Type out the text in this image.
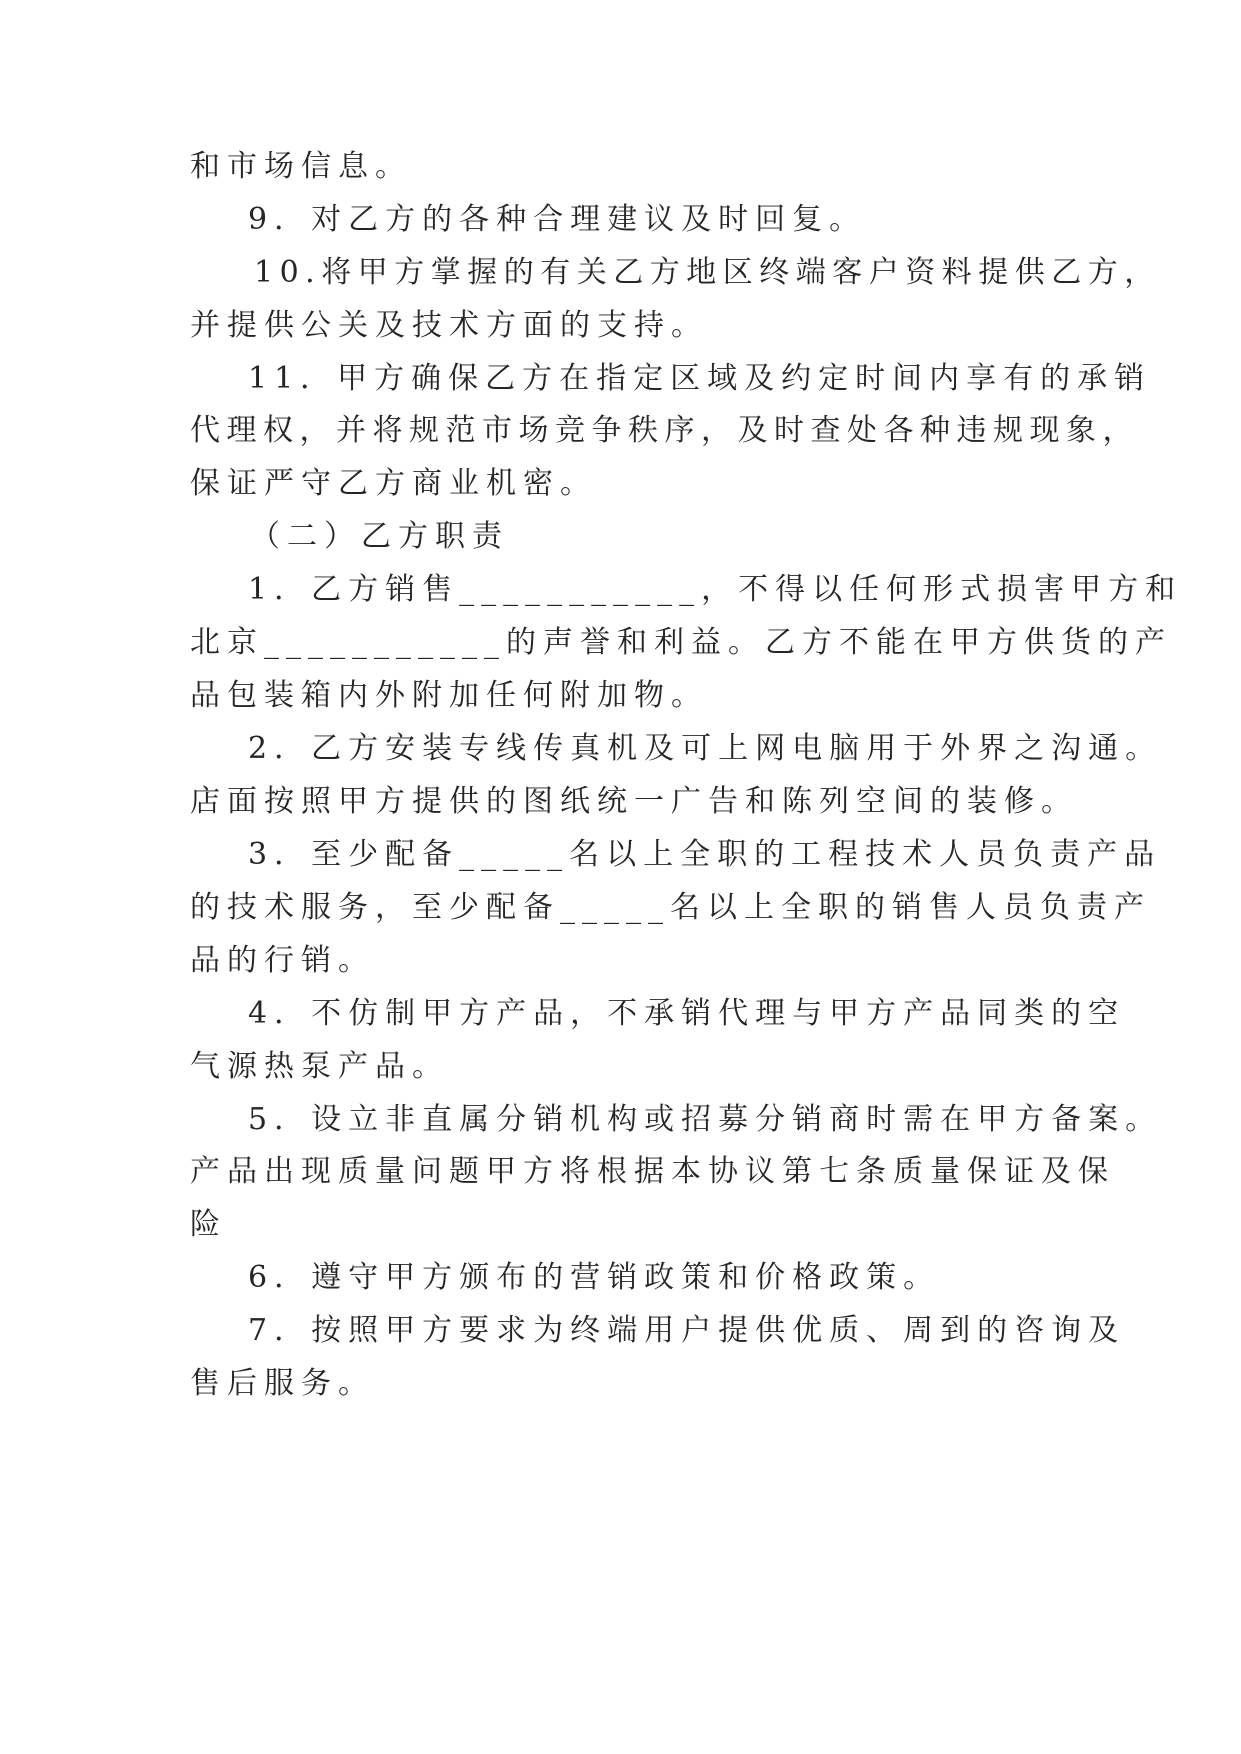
和市场信息。
9．对乙方的各种合理建议及时回复。
10.将甲方掌握的有关乙方地区终端客户资料提供乙方，
并提供公关及技术方面的支持。
11．甲方确保乙方在指定区域及约定时间内享有的承销
代理权，并将规范市场竞争秩序，及时查处各种违规现象，
保证严守乙方商业机密。
（二）乙方职责
1．乙方销售___________，不得以任何形式损害甲方和
北京___________的声誉和利益。乙方不能在甲方供货的产
品包装箱内外附加任何附加物。
2．乙方安装专线传真机及可上网电脑用于外界之沟通。
店面按照甲方提供的图纸统一广告和陈列空间的装修。
3．至少配备_____名以上全职的工程技术人员负责产品
的技术服务，至少配备_____名以上全职的销售人员负责产
品的行销。
4．不仿制甲方产品，不承销代理与甲方产品同类的空
气源热泵产品。
5．设立非直属分销机构或招募分销商时需在甲方备案。
产品出现质量问题甲方将根据本协议第七条质量保证及保
险
6．遵守甲方颁布的营销政策和价格政策。
7．按照甲方要求为终端用户提供优质、周到的咨询及
售后服务。
